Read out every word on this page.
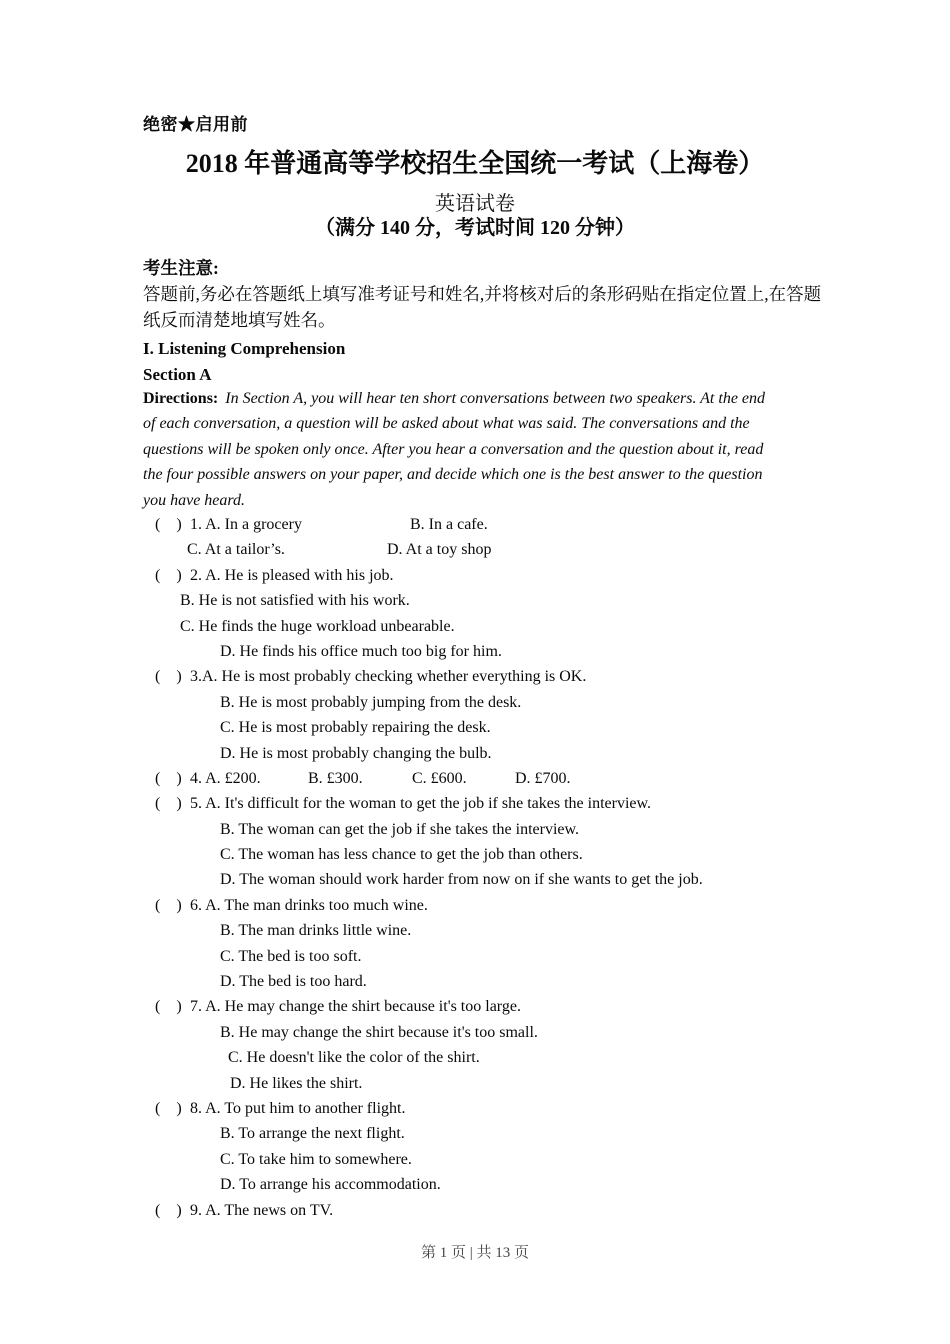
绝密★启用前
2018 年普通高等学校招生全国统一考试（上海卷）
英语试卷
（满分 140 分，考试时间 120 分钟）
考生注意:
答题前,务必在答题纸上填写准考证号和姓名,并将核对后的条形码贴在指定位置上,在答题
纸反而清楚地填写姓名。
I. Listening Comprehension
Section A
Directions: In Section A, you will hear ten short conversations between two speakers. At the end
of each conversation, a question will be asked about what was said. The conversations and the
questions will be spoken only once. After you hear a conversation and the question about it, read
the four possible answers on your paper, and decide which one is the best answer to the question
you have heard.
(  ) 1. A. In a grocery	B. In a cafe.
C. At a tailor’s.	D. At a toy shop
(  ) 2. A. He is pleased with his job.
B. He is not satisfied with his work.
C. He finds the huge workload unbearable.
D. He finds his office much too big for him.
(  ) 3.A. He is most probably checking whether everything is OK.
B. He is most probably jumping from the desk.
C. He is most probably repairing the desk.
D. He is most probably changing the bulb.
(  ) 4. A. £200.	B. £300.	C. £600.	D. £700.
(  ) 5. A. It's difficult for the woman to get the job if she takes the interview.
B. The woman can get the job if she takes the interview.
C. The woman has less chance to get the job than others.
D. The woman should work harder from now on if she wants to get the job.
(  ) 6. A. The man drinks too much wine.
B. The man drinks little wine.
C. The bed is too soft.
D. The bed is too hard.
(  ) 7. A. He may change the shirt because it's too large.
B. He may change the shirt because it's too small.
C. He doesn't like the color of the shirt.
D. He likes the shirt.
(  ) 8. A. To put him to another flight.
B. To arrange the next flight.
C. To take him to somewhere.
D. To arrange his accommodation.
(  ) 9. A. The news on TV.
第 1 页 | 共 13 页
